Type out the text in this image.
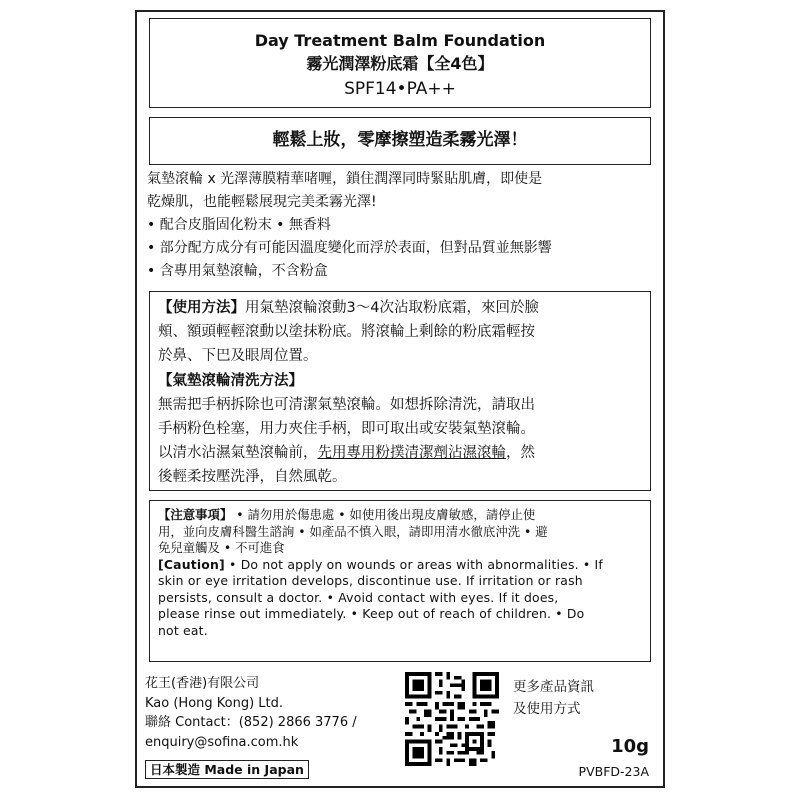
Day Treatment Balm Foundation
霧光潤澤粉底霜【全4色】
SPF14•PA++
輕鬆上妝，零摩擦塑造柔霧光澤！

氣墊滾輪 x 光澤薄膜精華啫喱，鎖住潤澤同時緊貼肌膚，即使是

乾燥肌，也能輕鬆展現完美柔霧光澤!

• 配合皮脂固化粉末 • 無香料

• 部分配方成分有可能因溫度變化而浮於表面，但對品質並無影響

• 含專用氣墊滾輪，不含粉盒

【使用方法】用氣墊滾輪滾動3～4次沾取粉底霜，來回於臉

頰、額頭輕輕滾動以塗抹粉底。將滾輪上剩餘的粉底霜輕按

於鼻、下巴及眼周位置。

【氣墊滾輪清洗方法】

無需把手柄拆除也可清潔氣墊滾輪。如想拆除清洗，請取出

手柄粉色栓塞，用力夾住手柄，即可取出或安裝氣墊滾輪。

以清水沾濕氣墊滾輪前，先用專用粉撲清潔劑沾濕滾輪，然

後輕柔按壓洗淨，自然風乾。

【注意事項】 • 請勿用於傷患處 • 如使用後出現皮膚敏感，請停止使

用，並向皮膚科醫生諮詢 • 如產品不慎入眼，請即用清水徹底沖洗 • 避

免兒童觸及 • 不可進食

[Caution] • Do not apply on wounds or areas with abnormalities. • If

skin or eye irritation develops, discontinue use. If irritation or rash

persists, consult a doctor. • Avoid contact with eyes. If it does,

please rinse out immediately. • Keep out of reach of children. • Do

not eat.

花王(香港)有限公司
Kao (Hong Kong) Ltd.
聯絡 Contact：(852) 2866 3776 /
enquiry@sofina.com.hk
日本製造 Made in Japan
更多產品資訊
及使用方式
10g
PVBFD-23A
